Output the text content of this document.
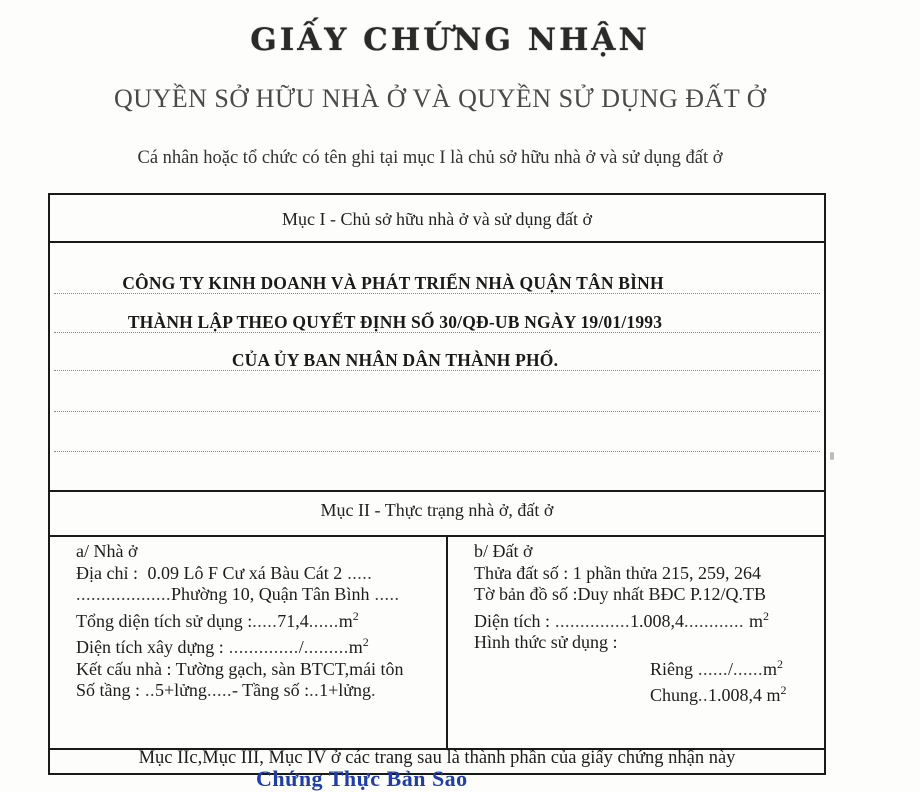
GIẤY CHỨNG NHẬN
QUYỀN SỞ HỮU NHÀ Ở VÀ QUYỀN SỬ DỤNG ĐẤT Ở
Cá nhân hoặc tổ chức có tên ghi tại mục I là chủ sở hữu nhà ở và sử dụng đất ở
Mục I - Chủ sở hữu nhà ở và sử dụng đất ở
CÔNG TY KINH DOANH VÀ PHÁT TRIỂN NHÀ QUẬN TÂN BÌNH
THÀNH LẬP THEO QUYẾT ĐỊNH SỐ 30/QĐ-UB NGÀY 19/01/1993
CỦA ỦY BAN NHÂN DÂN THÀNH PHỐ.
Mục II - Thực trạng nhà ở, đất ở
a/ Nhà ở
Địa chỉ : 0.09 Lô F Cư xá Bàu Cát 2 .....
...................Phường 10, Quận Tân Bình .....
Tổng diện tích sử dụng $:.....71,4......m^2$
Diện tích xây dựng : $............../.........m^2$
Kết cấu nhà : Tường gạch, sàn BTCT,mái tôn
Số tầng : ..5+lửng.....- Tầng số :..1+lửng.
b/ Đất ở
Thửa đất số : 1 phần thửa 215, 259, 264
Tờ bản đồ số :Duy nhất BĐC P.12/Q.TB
Diện tích : ...............1.008,4............ $m^2$
Hình thức sử dụng :
Riêng $....../......m^2$
Chung..1.008,4 $m^2$
Mục IIc,Mục III, Mục IV ở các trang sau là thành phần của giấy chứng nhận này
Chứng Thực Bản Sao
